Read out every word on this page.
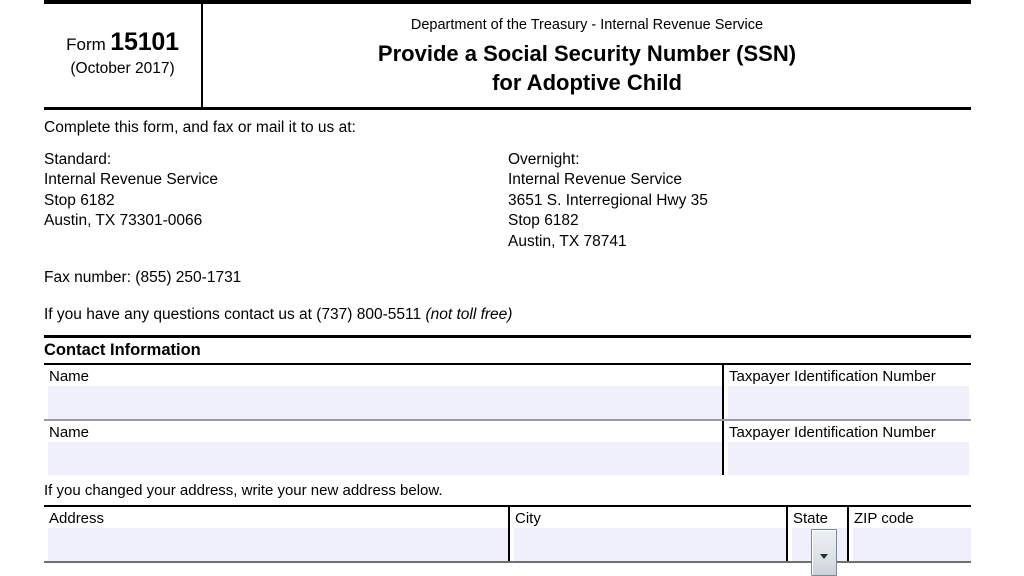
Form 15101
(October 2017)
Department of the Treasury - Internal Revenue Service
Provide a Social Security Number (SSN)
for Adoptive Child
Complete this form, and fax or mail it to us at:
Standard:
Internal Revenue Service
Stop 6182
Austin, TX 73301-0066
Overnight:
Internal Revenue Service
3651 S. Interregional Hwy 35
Stop 6182
Austin, TX 78741
Fax number: (855) 250-1731
If you have any questions contact us at (737) 800-5511 (not toll free)
Contact Information
Name	Taxpayer Identification Number
Name	Taxpayer Identification Number
If you changed your address, write your new address below.
Address	City	State	ZIP code
